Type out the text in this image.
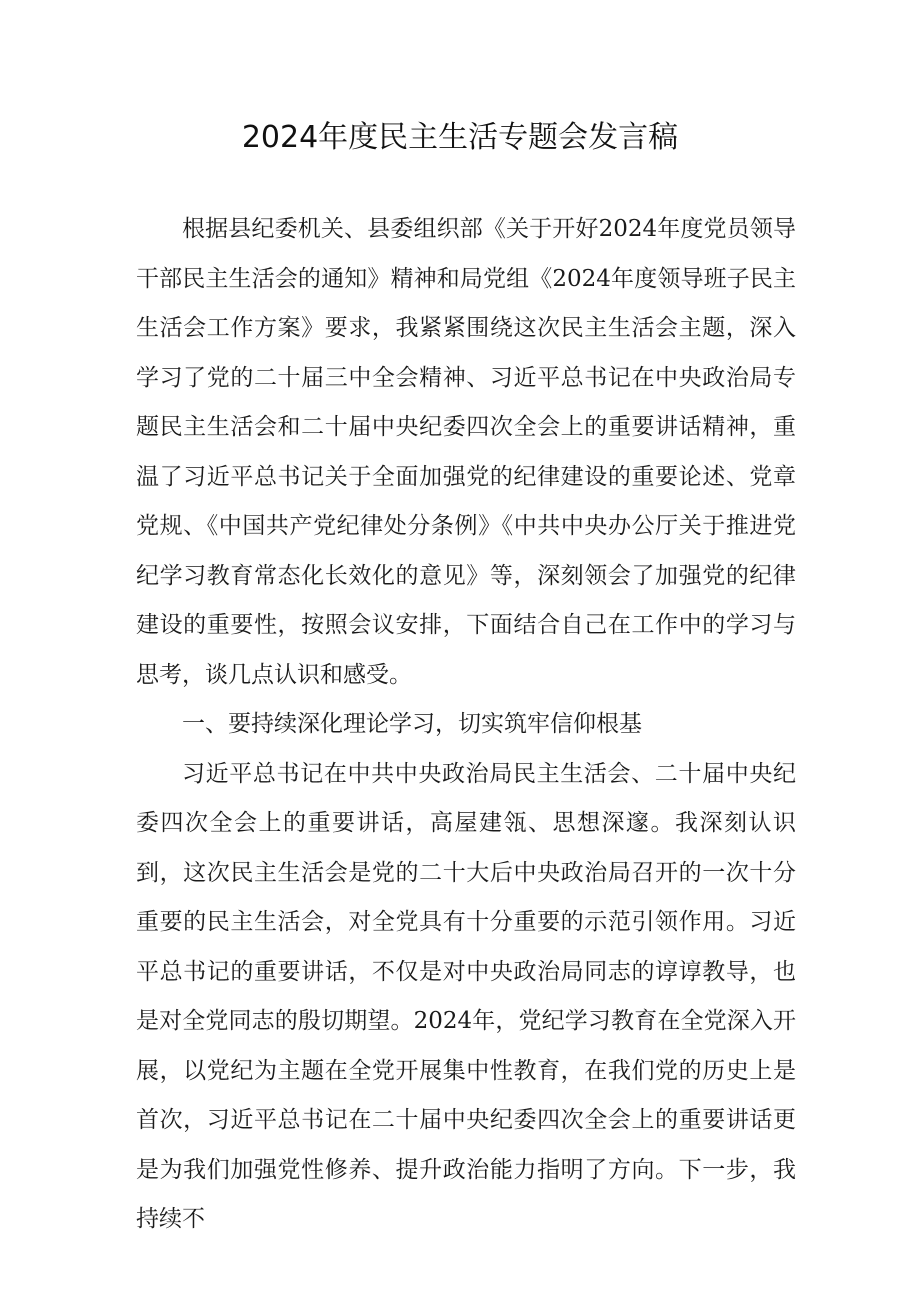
2024年度民主生活专题会发言稿

根据县纪委机关、县委组织部《关于开好2024年度党员领导干部民主生活会的通知》精神和局党组《2024年度领导班子民主生活会工作方案》要求，我紧紧围绕这次民主生活会主题，深入学习了党的二十届三中全会精神、习近平总书记在中央政治局专题民主生活会和二十届中央纪委四次全会上的重要讲话精神，重温了习近平总书记关于全面加强党的纪律建设的重要论述、党章党规、《中国共产党纪律处分条例》《中共中央办公厅关于推进党纪学习教育常态化长效化的意见》等，深刻领会了加强党的纪律建设的重要性，按照会议安排，下面结合自己在工作中的学习与思考，谈几点认识和感受。

一、要持续深化理论学习，切实筑牢信仰根基

习近平总书记在中共中央政治局民主生活会、二十届中央纪委四次全会上的重要讲话，高屋建瓴、思想深邃。我深刻认识到，这次民主生活会是党的二十大后中央政治局召开的一次十分重要的民主生活会，对全党具有十分重要的示范引领作用。习近平总书记的重要讲话，不仅是对中央政治局同志的谆谆教导，也是对全党同志的殷切期望。2024年，党纪学习教育在全党深入开展，以党纪为主题在全党开展集中性教育，在我们党的历史上是首次，习近平总书记在二十届中央纪委四次全会上的重要讲话更是为我们加强党性修养、提升政治能力指明了方向。下一步，我持续不
